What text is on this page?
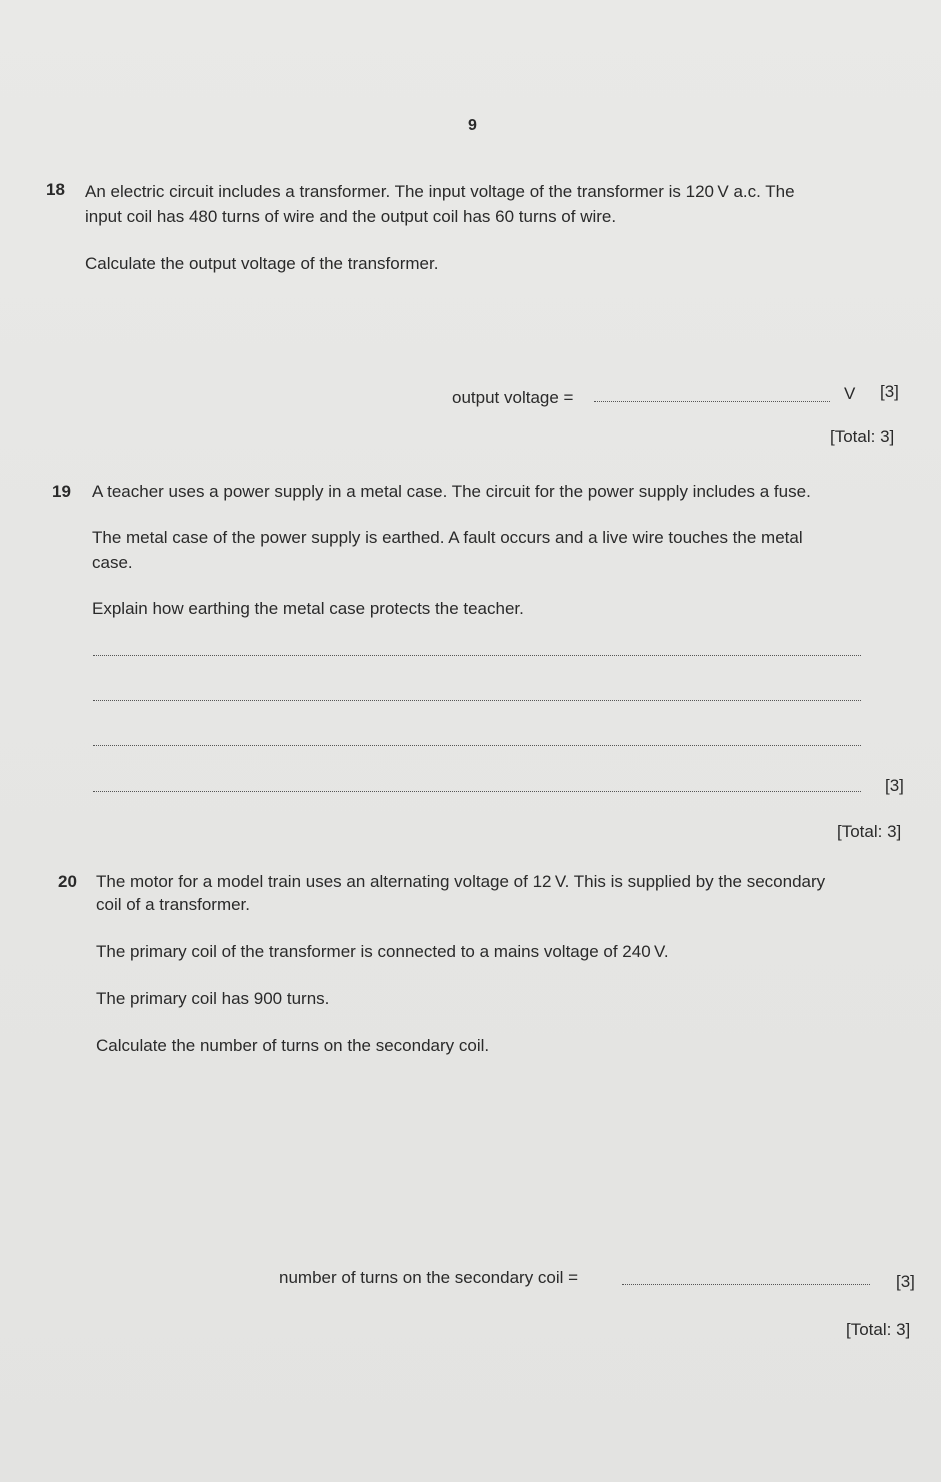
9
18 An electric circuit includes a transformer. The input voltage of the transformer is 120 V a.c. The
input coil has 480 turns of wire and the output coil has 60 turns of wire.
Calculate the output voltage of the transformer.
output voltage =	V [3]
[Total: 3]
19 A teacher uses a power supply in a metal case. The circuit for the power supply includes a fuse.
The metal case of the power supply is earthed. A fault occurs and a live wire touches the metal
case.
Explain how earthing the metal case protects the teacher.
[3]
[Total: 3]
20 The motor for a model train uses an alternating voltage of 12 V. This is supplied by the secondary
coil of a transformer.
The primary coil of the transformer is connected to a mains voltage of 240 V.
The primary coil has 900 turns.
Calculate the number of turns on the secondary coil.
number of turns on the secondary coil =	[3]
[Total: 3]
